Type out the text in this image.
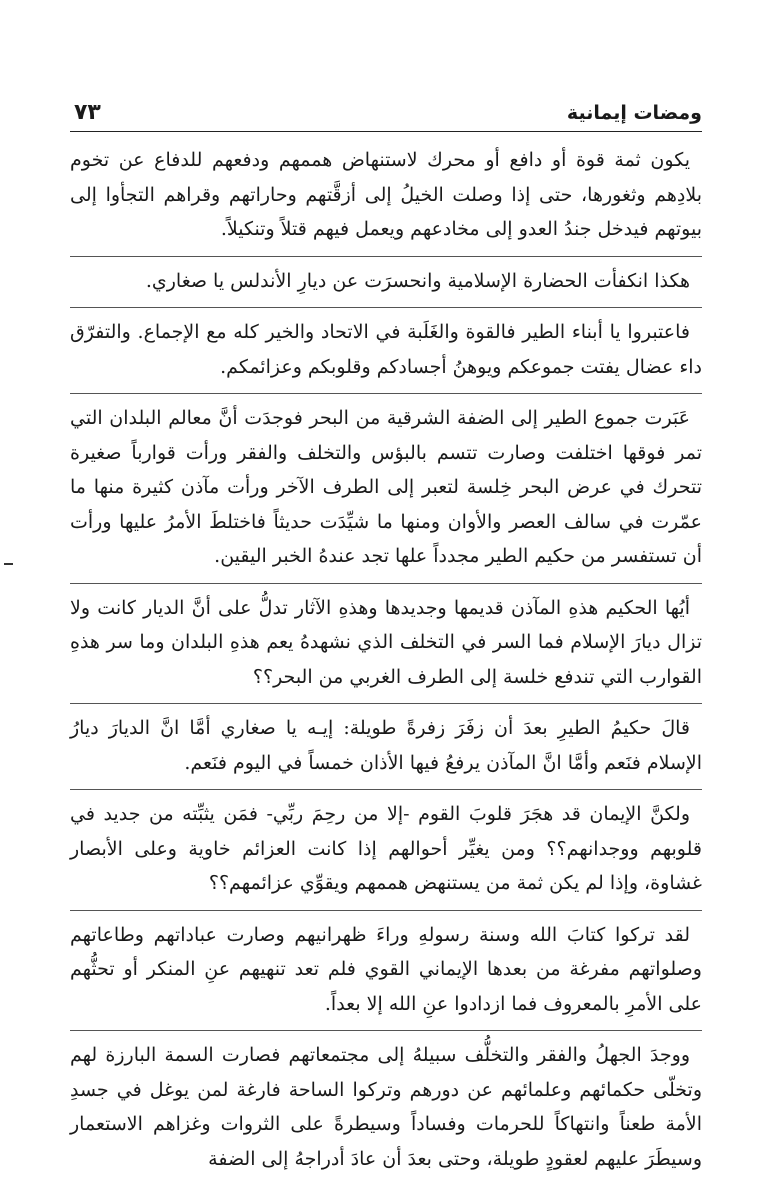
ومضات إيمانية
٧٣

يكون ثمة قوة أو دافع أو محرك لاستنهاض هممهم ودفعهم للدفاع عن تخوم بلادِهم وثغورها، حتى إذا وصلت الخيلُ إلى أزقَّتهم وحاراتهم وقراهم التجأوا إلى بيوتهم فيدخل جندُ العدو إلى مخادعهم ويعمل فيهم قتلاً وتنكيلاً.

هكذا انكفأت الحضارة الإسلامية وانحسرَت عن ديارِ الأندلس يا صغاري.

فاعتبروا يا أبناء الطير فالقوة والغَلَبة في الاتحاد والخير كله مع الإجماع. والتفرّق داء عضال يفتت جموعكم ويوهنُ أجسادكم وقلوبكم وعزائمكم.

عَبَرت جموع الطير إلى الضفة الشرقية من البحر فوجدَت أنَّ معالم البلدان التي تمر فوقها اختلفت وصارت تتسم بالبؤس والتخلف والفقر ورأت قوارباً صغيرة تتحرك في عرض البحر خِلسة لتعبر إلى الطرف الآخر ورأت مآذن كثيرة منها ما عمّرت في سالف العصر والأوان ومنها ما شيِّدَت حديثاً فاختلطَ الأمرُ عليها ورأت أن تستفسر من حكيم الطير مجدداً علها تجد عندهُ الخبر اليقين.

أيُها الحكيم هذهِ المآذن قديمها وجديدها وهذهِ الآثار تدلُّ على أنَّ الديار كانت ولا تزال ديارَ الإسلام فما السر في التخلف الذي نشهدهُ يعم هذهِ البلدان وما سر هذهِ القوارب التي تندفع خلسة إلى الطرف الغربي من البحر؟؟

قالَ حكيمُ الطيرِ بعدَ أن زفَرَ زفرةً طويلة: إيـه يا صغاري أمَّا انَّ الديارَ ديارُ الإسلام فنَعم وأمَّا انَّ المآذن يرفعُ فيها الأذان خمساً في اليوم فنَعم.

ولكنَّ الإيمان قد هجَرَ قلوبَ القوم -إلا من رحِمَ ربِّي- فمَن يثبِّته من جديد في قلوبهم ووجدانهم؟؟ ومن يغيِّر أحوالهم إذا كانت العزائم خاوية وعلى الأبصار غشاوة، وإذا لم يكن ثمة من يستنهض هممهم ويقوِّي عزائمهم؟؟

لقد تركوا كتابَ الله وسنة رسولهِ وراءَ ظهرانيهم وصارت عباداتهم وطاعاتهم وصلواتهم مفرغة من بعدها الإيماني القوي فلم تعد تنهيهم عنِ المنكر أو تحثُّهم على الأمرِ بالمعروف فما ازدادوا عنِ الله إلا بعداً.

ووجدَ الجهلُ والفقر والتخلُّف سبيلهُ إلى مجتمعاتهم فصارت السمة البارزة لهم وتخلّى حكمائهم وعلمائهم عن دورهم وتركوا الساحة فارغة لمن يوغل في جسدِ الأمة طعناً وانتهاكاً للحرمات وفساداً وسيطرةً على الثروات وغزاهم الاستعمار وسيطَرَ عليهم لعقودٍ طويلة، وحتى بعدَ أن عادَ أدراجهُ إلى الضفة
